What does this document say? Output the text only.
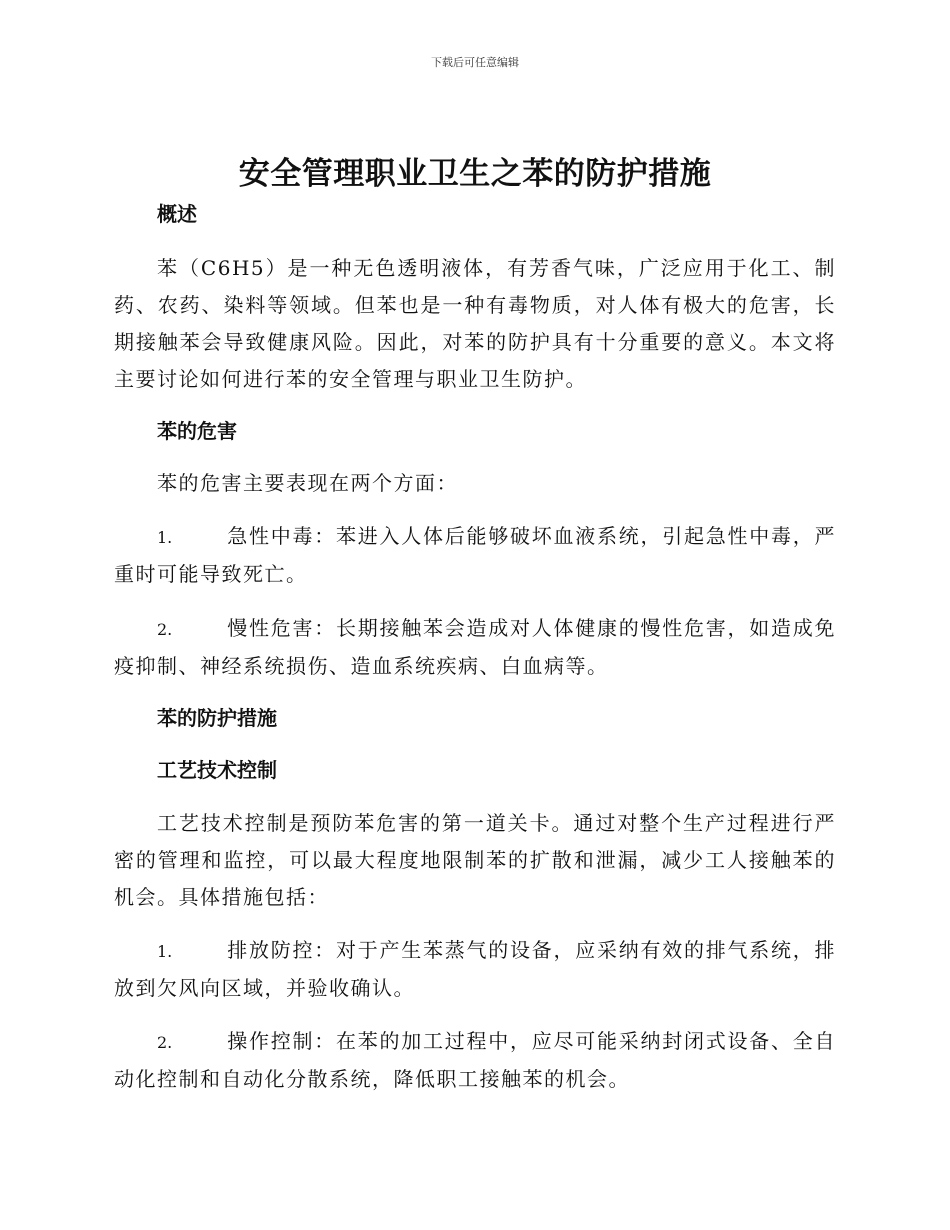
下载后可任意编辑
安全管理职业卫生之苯的防护措施
概述

苯（C6H5）是一种无色透明液体，有芳香气味，广泛应用于化工、制药、农药、染料等领域。但苯也是一种有毒物质，对人体有极大的危害，长期接触苯会导致健康风险。因此，对苯的防护具有十分重要的意义。本文将主要讨论如何进行苯的安全管理与职业卫生防护。

苯的危害

苯的危害主要表现在两个方面：

1.	急性中毒：苯进入人体后能够破坏血液系统，引起急性中毒，严重时可能导致死亡。

2.	慢性危害：长期接触苯会造成对人体健康的慢性危害，如造成免疫抑制、神经系统损伤、造血系统疾病、白血病等。

苯的防护措施
工艺技术控制

工艺技术控制是预防苯危害的第一道关卡。通过对整个生产过程进行严密的管理和监控，可以最大程度地限制苯的扩散和泄漏，减少工人接触苯的机会。具体措施包括：

1.	排放防控：对于产生苯蒸气的设备，应采纳有效的排气系统，排放到欠风向区域，并验收确认。

2.	操作控制：在苯的加工过程中，应尽可能采纳封闭式设备、全自动化控制和自动化分散系统，降低职工接触苯的机会。
